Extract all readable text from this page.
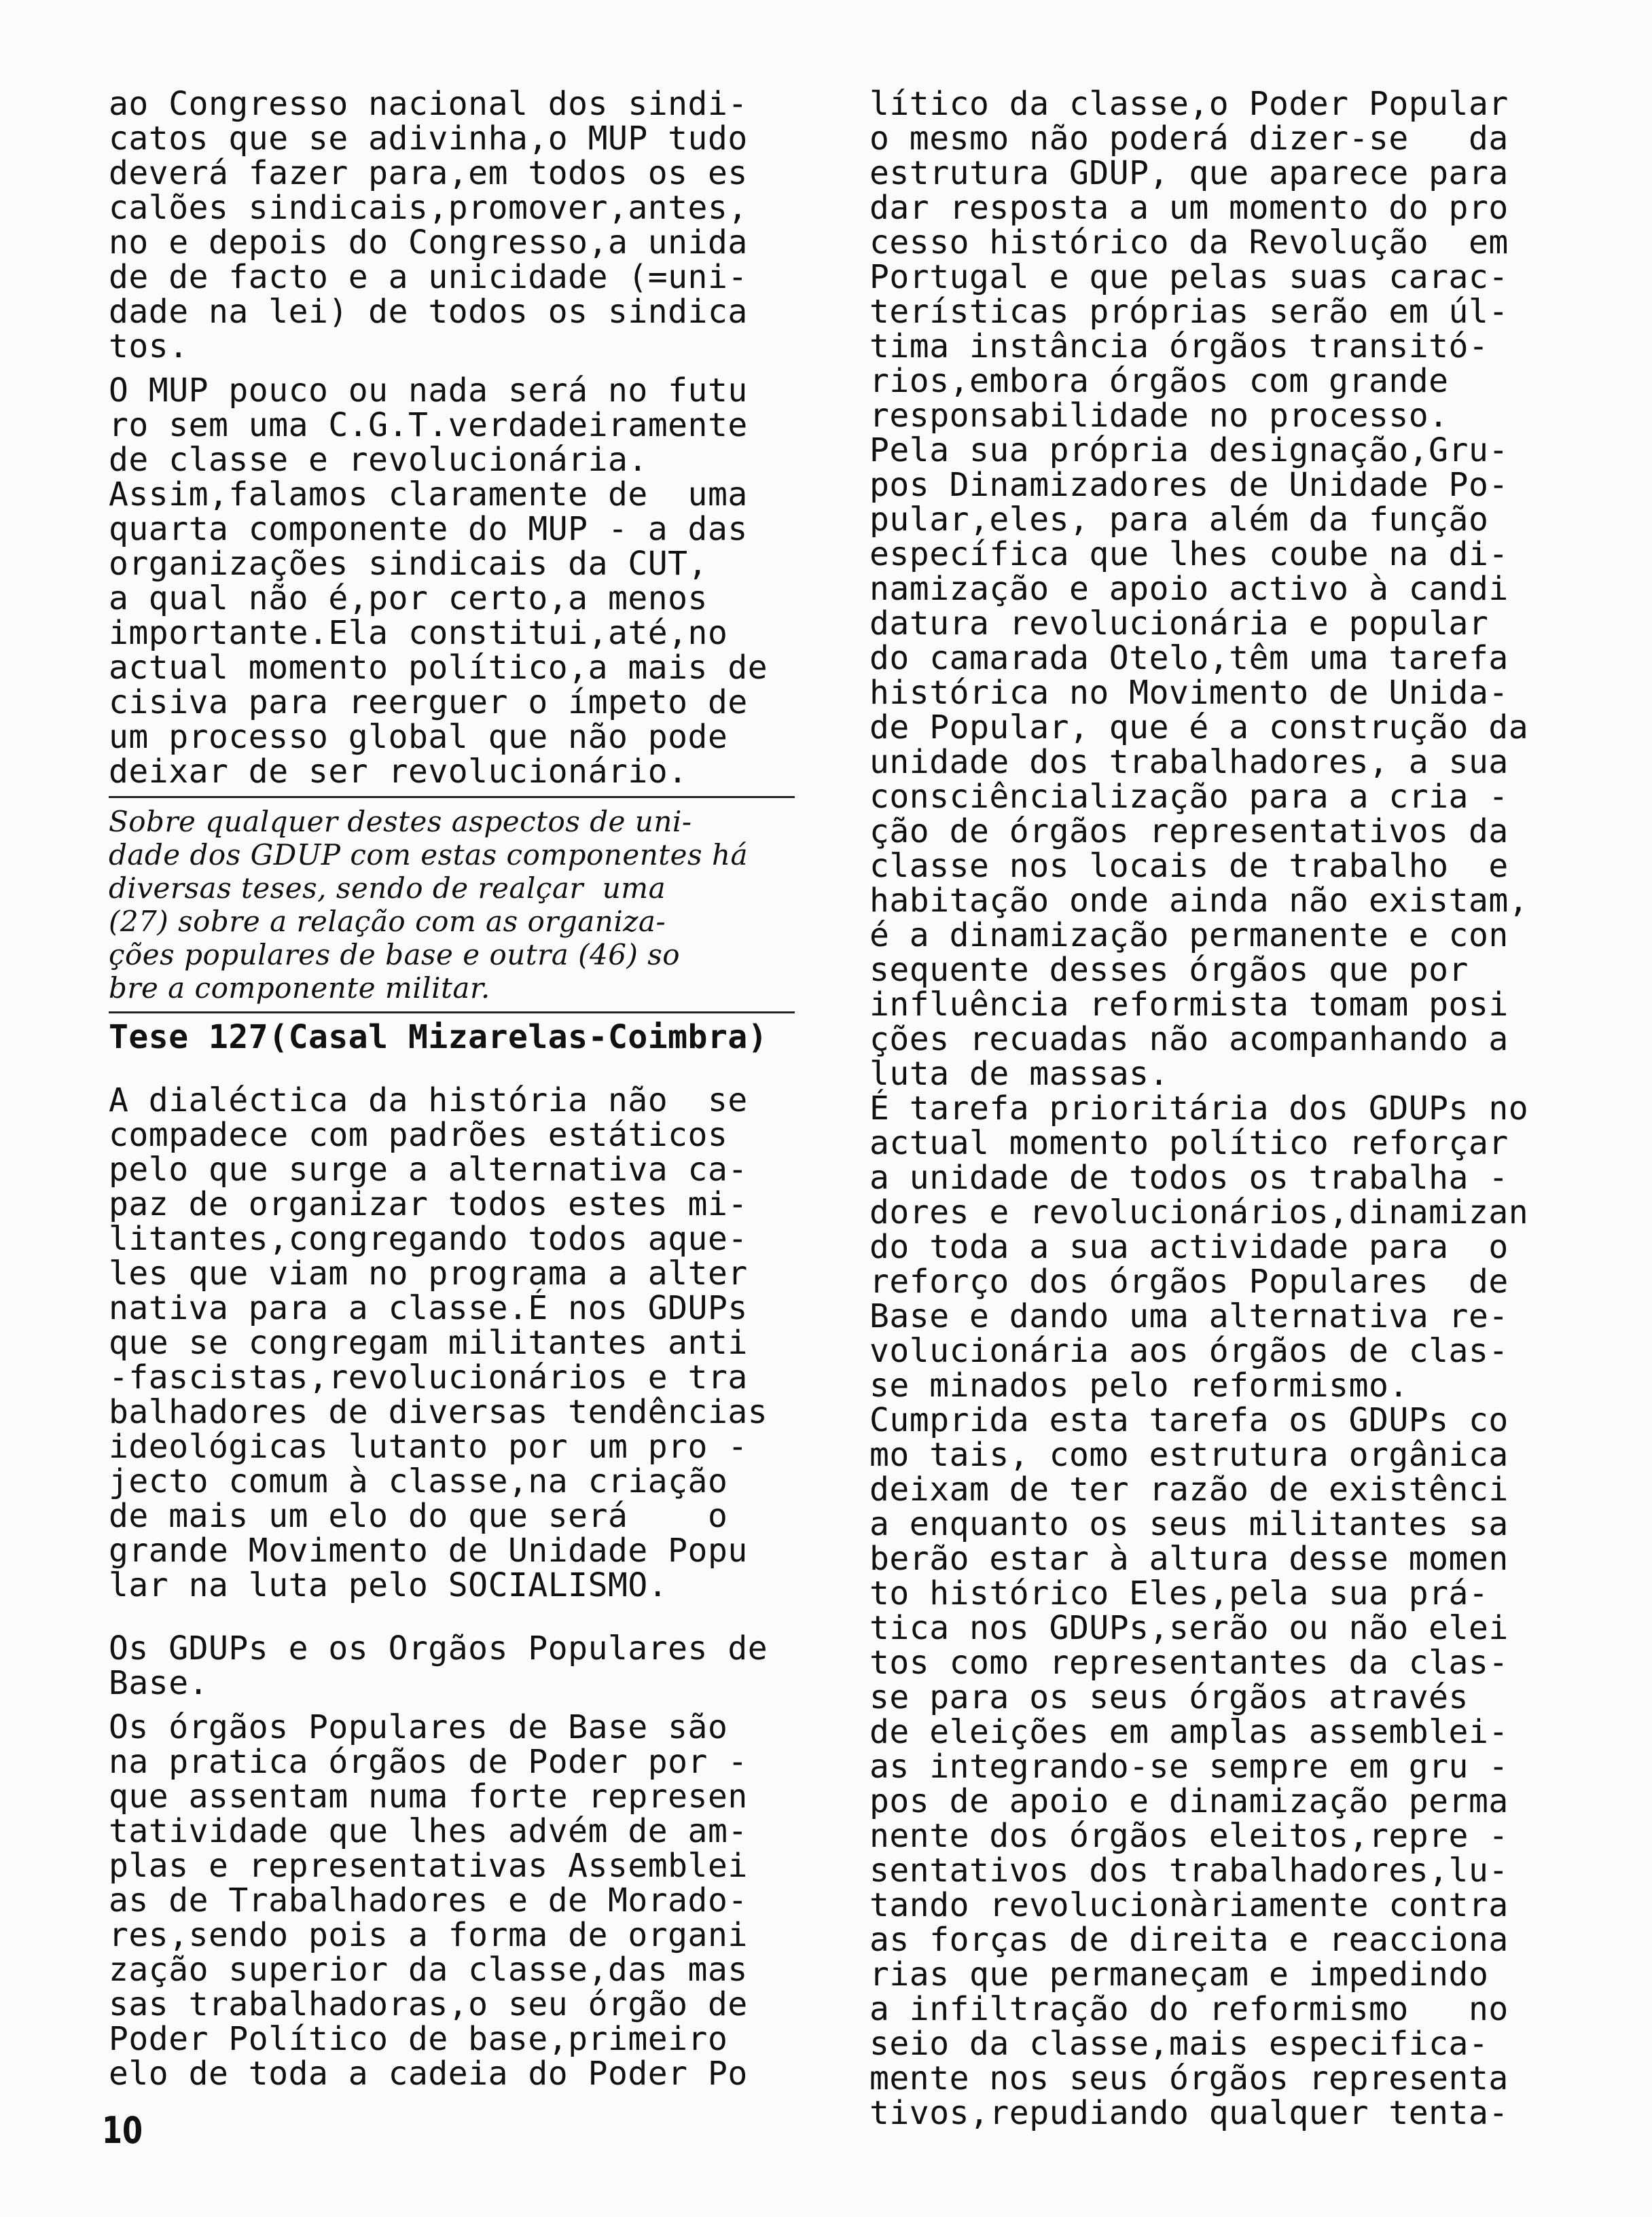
ao Congresso nacional dos sindi-
catos que se adivinha,o MUP tudo
deverá fazer para,em todos os es
calões sindicais,promover,antes,
no e depois do Congresso,a unida
de de facto e a unicidade (=uni-
dade na lei) de todos os sindica
tos.
O MUP pouco ou nada será no futu
ro sem uma C.G.T.verdadeiramente
de classe e revolucionária.
Assim,falamos claramente de  uma
quarta componente do MUP - a das
organizações sindicais da CUT,
a qual não é,por certo,a menos
importante.Ela constitui,até,no
actual momento político,a mais de
cisiva para reerguer o ímpeto de
um processo global que não pode
deixar de ser revolucionário.
Sobre qualquer destes aspectos de uni-
dade dos GDUP com estas componentes há
diversas teses, sendo de realçar  uma
(27) sobre a relação com as organiza-
ções populares de base e outra (46) so
bre a componente militar.
Tese 127(Casal Mizarelas-Coimbra)
A dialéctica da história não  se
compadece com padrões estáticos
pelo que surge a alternativa ca-
paz de organizar todos estes mi-
litantes,congregando todos aque-
les que viam no programa a alter
nativa para a classe.É nos GDUPs
que se congregam militantes anti
-fascistas,revolucionários e tra
balhadores de diversas tendências
ideológicas lutanto por um pro -
jecto comum à classe,na criação
de mais um elo do que será    o
grande Movimento de Unidade Popu
lar na luta pelo SOCIALISMO.
Os GDUPs e os Orgãos Populares de
Base.
Os órgãos Populares de Base são
na pratica órgãos de Poder por -
que assentam numa forte represen
tatividade que lhes advém de am-
plas e representativas Assemblei
as de Trabalhadores e de Morado-
res,sendo pois a forma de organi
zação superior da classe,das mas
sas trabalhadoras,o seu órgão de
Poder Político de base,primeiro
elo de toda a cadeia do Poder Po
lítico da classe,o Poder Popular
o mesmo não poderá dizer-se   da
estrutura GDUP, que aparece para
dar resposta a um momento do pro
cesso histórico da Revolução  em
Portugal e que pelas suas carac-
terísticas próprias serão em úl-
tima instância órgãos transitó-
rios,embora órgãos com grande
responsabilidade no processo.
Pela sua própria designação,Gru-
pos Dinamizadores de Unidade Po-
pular,eles, para além da função
específica que lhes coube na di-
namização e apoio activo à candi
datura revolucionária e popular
do camarada Otelo,têm uma tarefa
histórica no Movimento de Unida-
de Popular, que é a construção da
unidade dos trabalhadores, a sua
consciêncialização para a cria -
ção de órgãos representativos da
classe nos locais de trabalho  e
habitação onde ainda não existam,
é a dinamização permanente e con
sequente desses órgãos que por
influência reformista tomam posi
ções recuadas não acompanhando a
luta de massas.
É tarefa prioritária dos GDUPs no
actual momento político reforçar
a unidade de todos os trabalha -
dores e revolucionários,dinamizan
do toda a sua actividade para  o
reforço dos órgãos Populares  de
Base e dando uma alternativa re-
volucionária aos órgãos de clas-
se minados pelo reformismo.
Cumprida esta tarefa os GDUPs co
mo tais, como estrutura orgânica
deixam de ter razão de existênci
a enquanto os seus militantes sa
berão estar à altura desse momen
to histórico Eles,pela sua prá-
tica nos GDUPs,serão ou não elei
tos como representantes da clas-
se para os seus órgãos através
de eleições em amplas assemblei-
as integrando-se sempre em gru -
pos de apoio e dinamização perma
nente dos órgãos eleitos,repre -
sentativos dos trabalhadores,lu-
tando revolucionàriamente contra
as forças de direita e reacciona
rias que permaneçam e impedindo
a infiltração do reformismo   no
seio da classe,mais especifica-
mente nos seus órgãos representa
tivos,repudiando qualquer tenta-
10
